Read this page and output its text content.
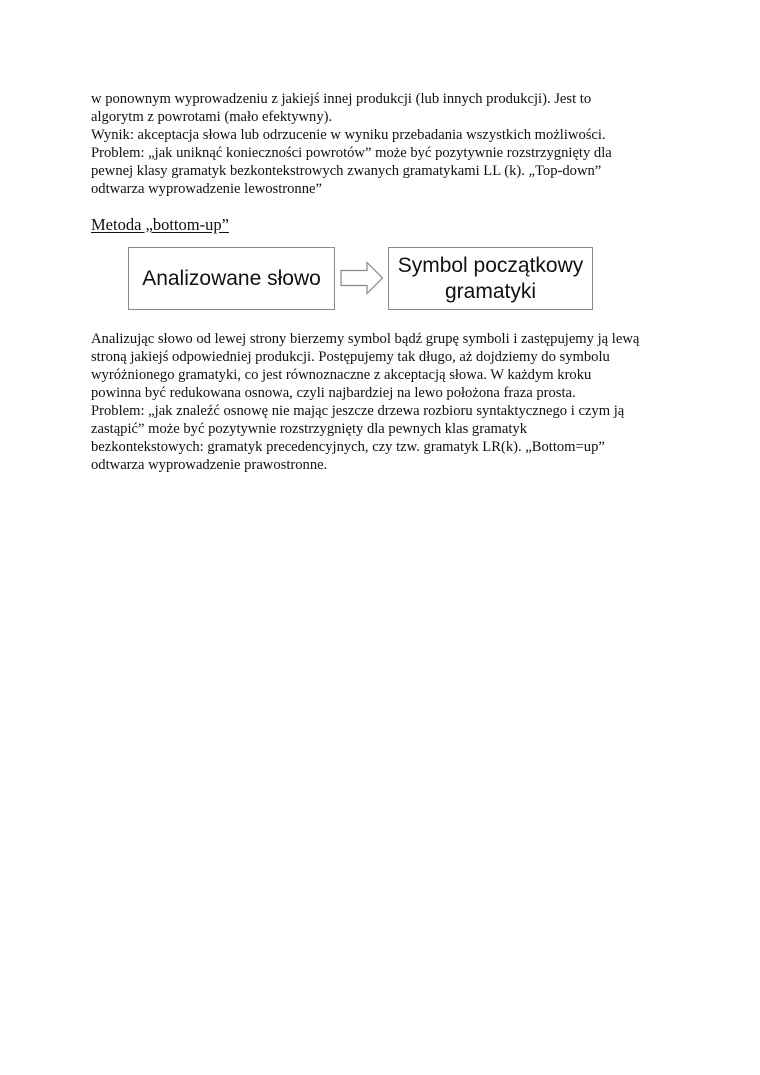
w ponownym wyprowadzeniu z jakiejś innej produkcji (lub innych produkcji). Jest to
algorytm z powrotami (mało efektywny).
Wynik: akceptacja słowa lub odrzucenie w wyniku przebadania wszystkich możliwości.
Problem: „jak uniknąć konieczności powrotów” może być pozytywnie rozstrzygnięty dla
pewnej klasy gramatyk bezkontekstrowych zwanych gramatykami LL (k). „Top-down”
odtwarza wyprowadzenie lewostronne”
Metoda „bottom-up”
Analizowane słowo
Symbol początkowy
gramatyki
Analizując słowo od lewej strony bierzemy symbol bądź grupę symboli i zastępujemy ją lewą
stroną jakiejś odpowiedniej produkcji. Postępujemy tak długo, aż dojdziemy do symbolu
wyróżnionego gramatyki, co jest równoznaczne z akceptacją słowa. W każdym kroku
powinna być redukowana osnowa, czyli najbardziej na lewo położona fraza prosta.
Problem: „jak znaleźć osnowę nie mając jeszcze drzewa rozbioru syntaktycznego i czym ją
zastąpić” może być pozytywnie rozstrzygnięty dla pewnych klas gramatyk
bezkontekstowych: gramatyk precedencyjnych, czy tzw. gramatyk LR(k). „Bottom=up”
odtwarza wyprowadzenie prawostronne.
